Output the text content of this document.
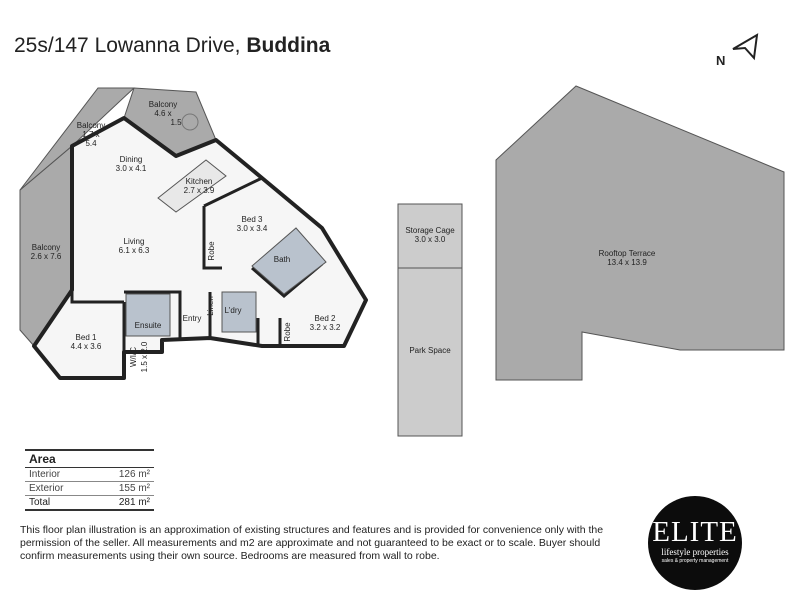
25s/147 Lowanna Drive, Buddina
N
Balcony
4.6 x
1.5
Balcony
1.7 x
5.4
Balcony
2.6 x 7.6
Dining
3.0 x 4.1
Kitchen
2.7 x 3.9
Bed 3
3.0 x 3.4
Living
6.1 x 6.3	Robe	Bath
Ensuite
Entry
Linen L'dry
Bed 1
4.4 x 3.6
W/I/C 1.5 x 2.0
Bed 2
3.2 x 3.2
Robe
Storage Cage
3.0 x 3.0
Park Space
Rooftop Terrace
13.4 x 13.9
Area
Interior	126 m²
Exterior	155 m²
Total	281 m²
This floor plan illustration is an approximation of existing structures and features and is provided for convenience only with the permission of the seller. All measurements and m2 are approximate and not guaranteed to be exact or to scale. Buyer should confirm measurements using their own source. Bedrooms are measured from wall to robe.
ELITE
lifestyle properties
sales & property management
